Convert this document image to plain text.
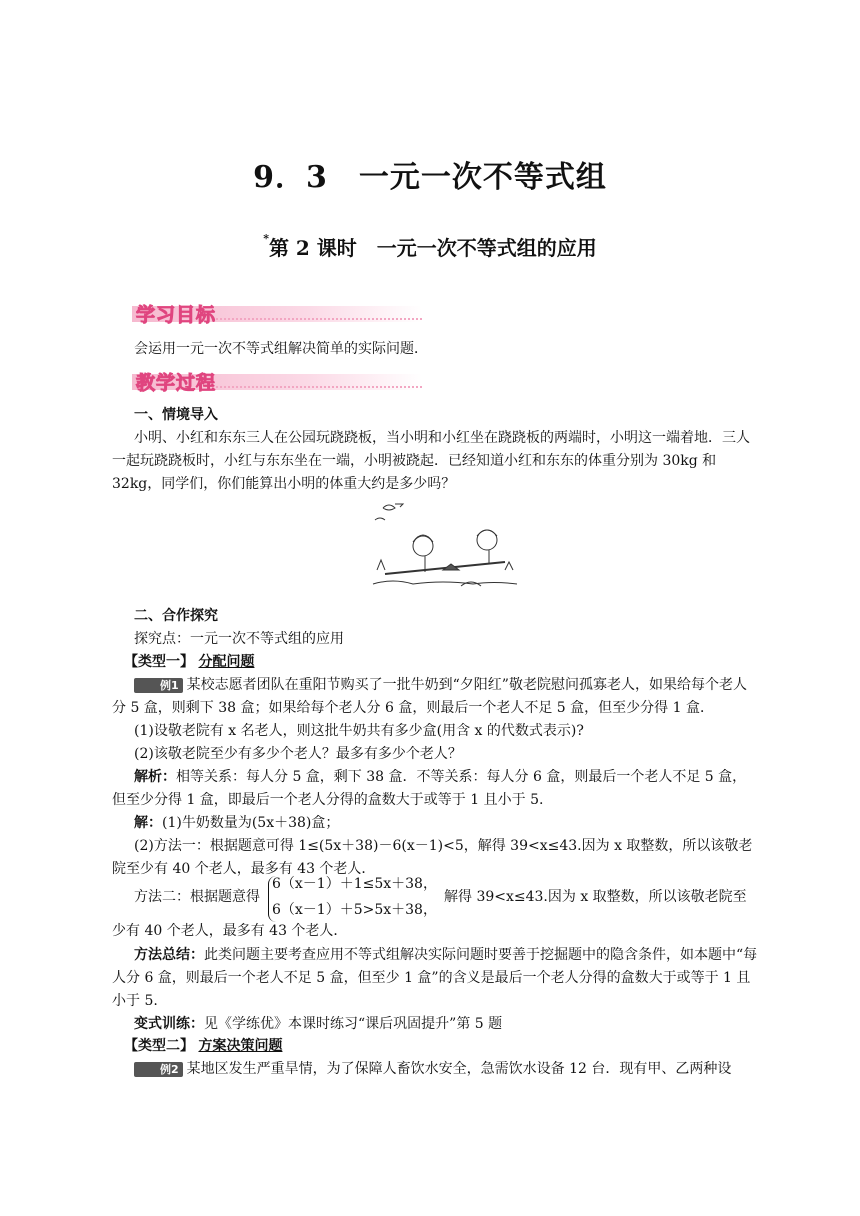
9．3　一元一次不等式组
*第 2 课时　一元一次不等式组的应用
学习目标
会运用一元一次不等式组解决简单的实际问题．
教学过程
一、情境导入
小明、小红和东东三人在公园玩跷跷板，当小明和小红坐在跷跷板的两端时，小明这一端着地．三人一起玩跷跷板时，小红与东东坐在一端，小明被跷起．已经知道小红和东东的体重分别为 30kg 和 32kg，同学们，你们能算出小明的体重大约是多少吗？
二、合作探究
探究点：一元一次不等式组的应用
【类型一】 分配问题
例1 某校志愿者团队在重阳节购买了一批牛奶到“夕阳红”敬老院慰问孤寡老人，如果给每个老人分 5 盒，则剩下 38 盒；如果给每个老人分 6 盒，则最后一个老人不足 5 盒，但至少分得 1 盒．
(1)设敬老院有 x 名老人，则这批牛奶共有多少盒(用含 x 的代数式表示)?
(2)该敬老院至少有多少个老人？最多有多少个老人？
解析：相等关系：每人分 5 盒，剩下 38 盒．不等关系：每人分 6 盒，则最后一个老人不足 5 盒，但至少分得 1 盒，即最后一个老人分得的盒数大于或等于 1 且小于 5.
解：(1)牛奶数量为(5x＋38)盒；
(2)方法一：根据题意可得 1≤(5x＋38)－6(x－1)<5，解得 39<x≤43.因为 x 取整数，所以该敬老院至少有 40 个老人，最多有 43 个老人．
方法二：根据题意得
6（x－1）＋1≤5x＋38，
6（x－1）＋5>5x＋38，
解得 39<x≤43.因为 x 取整数，所以该敬老院至
少有 40 个老人，最多有 43 个老人．
方法总结：此类问题主要考查应用不等式组解决实际问题时要善于挖掘题中的隐含条件，如本题中“每人分 6 盒，则最后一个老人不足 5 盒，但至少 1 盒”的含义是最后一个老人分得的盒数大于或等于 1 且小于 5.
变式训练：见《学练优》本课时练习“课后巩固提升”第 5 题
【类型二】 方案决策问题
例2 某地区发生严重旱情，为了保障人畜饮水安全，急需饮水设备 12 台．现有甲、乙两种设
